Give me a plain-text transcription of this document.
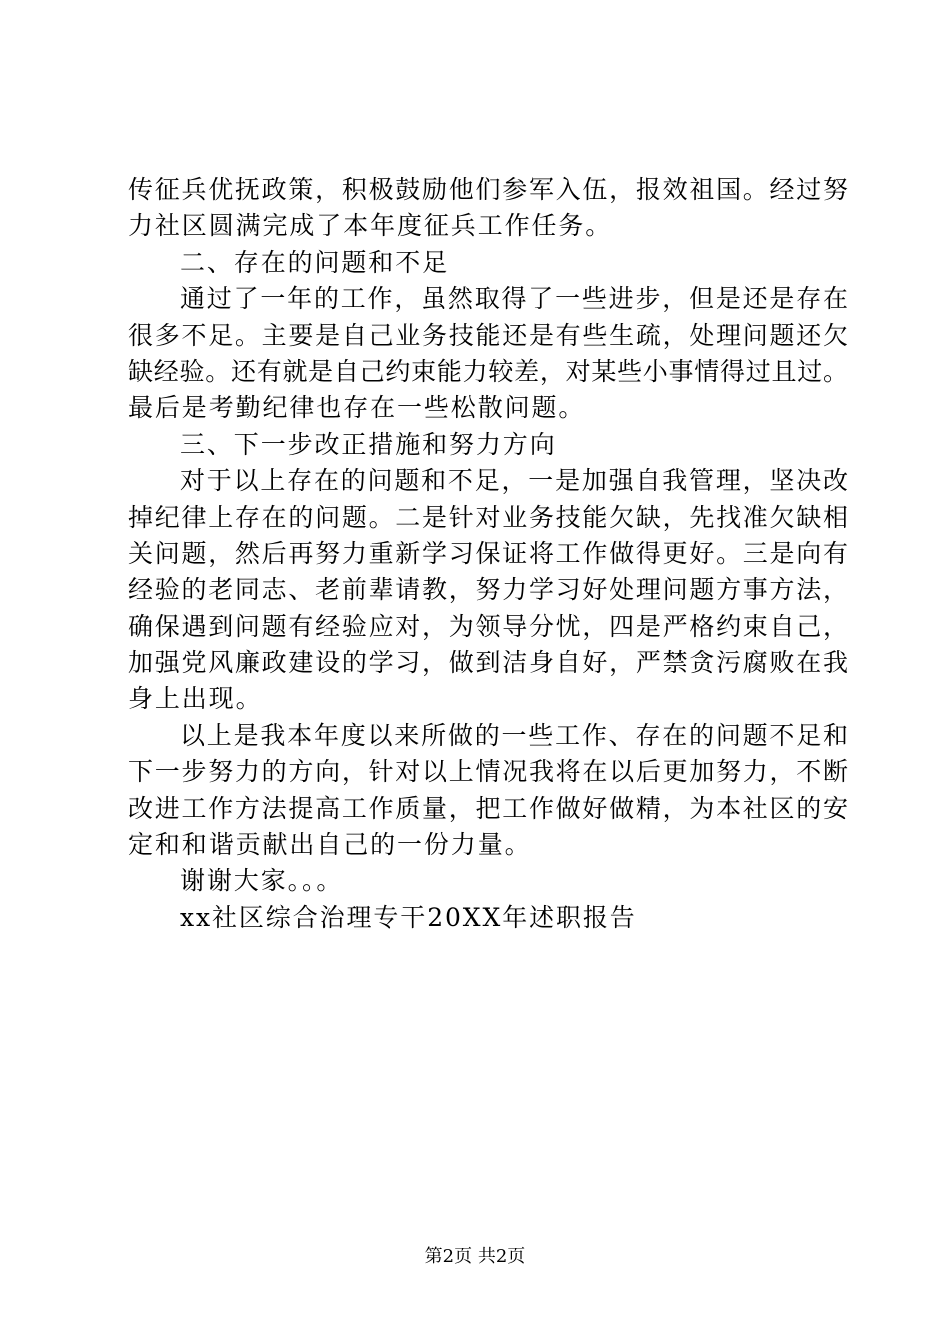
传征兵优抚政策，积极鼓励他们参军入伍，报效祖国。经过努
力社区圆满完成了本年度征兵工作任务。
二、存在的问题和不足
通过了一年的工作，虽然取得了一些进步，但是还是存在
很多不足。主要是自己业务技能还是有些生疏，处理问题还欠
缺经验。还有就是自己约束能力较差，对某些小事情得过且过。
最后是考勤纪律也存在一些松散问题。
三、下一步改正措施和努力方向
对于以上存在的问题和不足，一是加强自我管理，坚决改
掉纪律上存在的问题。二是针对业务技能欠缺，先找准欠缺相
关问题，然后再努力重新学习保证将工作做得更好。三是向有
经验的老同志、老前辈请教，努力学习好处理问题方事方法，
确保遇到问题有经验应对，为领导分忧，四是严格约束自己，
加强党风廉政建设的学习，做到洁身自好，严禁贪污腐败在我
身上出现。
以上是我本年度以来所做的一些工作、存在的问题不足和
下一步努力的方向，针对以上情况我将在以后更加努力，不断
改进工作方法提高工作质量，把工作做好做精，为本社区的安
定和和谐贡献出自己的一份力量。
谢谢大家。。。
xx社区综合治理专干20XX年述职报告
第2页 共2页
